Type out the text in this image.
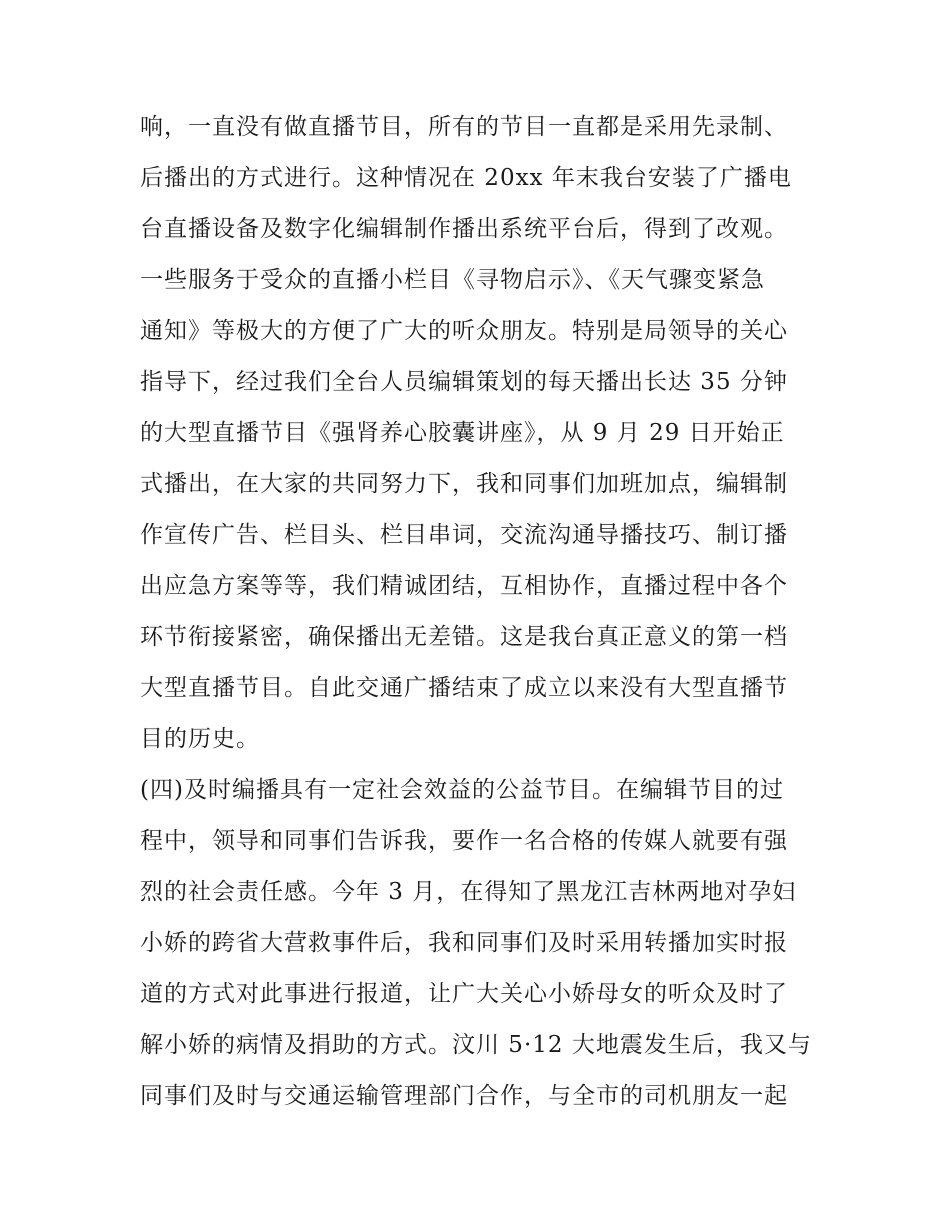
响，一直没有做直播节目，所有的节目一直都是采用先录制、
后播出的方式进行。这种情况在 20xx 年末我台安装了广播电
台直播设备及数字化编辑制作播出系统平台后，得到了改观。
一些服务于受众的直播小栏目《寻物启示》、《天气骤变紧急
通知》等极大的方便了广大的听众朋友。特别是局领导的关心
指导下，经过我们全台人员编辑策划的每天播出长达 35 分钟
的大型直播节目《强肾养心胶囊讲座》，从 9 月 29 日开始正
式播出，在大家的共同努力下，我和同事们加班加点，编辑制
作宣传广告、栏目头、栏目串词，交流沟通导播技巧、制订播
出应急方案等等，我们精诚团结，互相协作，直播过程中各个
环节衔接紧密，确保播出无差错。这是我台真正意义的第一档
大型直播节目。自此交通广播结束了成立以来没有大型直播节
目的历史。
(四)及时编播具有一定社会效益的公益节目。在编辑节目的过
程中，领导和同事们告诉我，要作一名合格的传媒人就要有强
烈的社会责任感。今年 3 月，在得知了黑龙江吉林两地对孕妇
小娇的跨省大营救事件后，我和同事们及时采用转播加实时报
道的方式对此事进行报道，让广大关心小娇母女的听众及时了
解小娇的病情及捐助的方式。汶川 5·12 大地震发生后，我又与
同事们及时与交通运输管理部门合作，与全市的司机朋友一起
